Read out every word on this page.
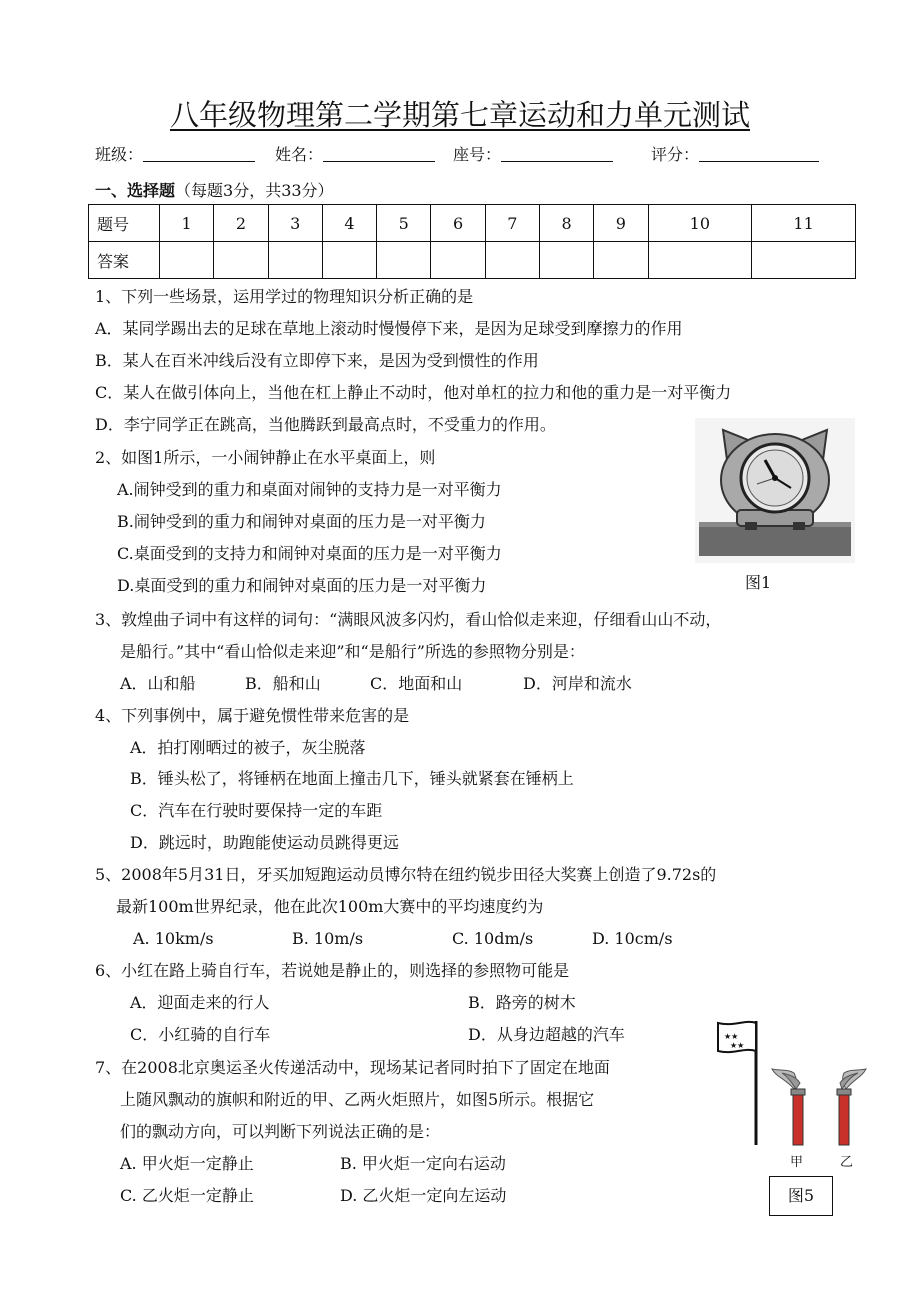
八年级物理第二学期第七章运动和力单元测试
班级：	姓名：	座号：	评分：
一、选择题（每题3分，共33分）
题号	1	2	3	4	5	6	7	8	9	10	11
答案											
1、下列一些场景，运用学过的物理知识分析正确的是
A．某同学踢出去的足球在草地上滚动时慢慢停下来，是因为足球受到摩擦力的作用
B．某人在百米冲线后没有立即停下来，是因为受到惯性的作用
C．某人在做引体向上，当他在杠上静止不动时，他对单杠的拉力和他的重力是一对平衡力
D．李宁同学正在跳高，当他腾跃到最高点时，不受重力的作用。
2、如图1所示，一小闹钟静止在水平桌面上，则
A.闹钟受到的重力和桌面对闹钟的支持力是一对平衡力
B.闹钟受到的重力和闹钟对桌面的压力是一对平衡力
C.桌面受到的支持力和闹钟对桌面的压力是一对平衡力
D.桌面受到的重力和闹钟对桌面的压力是一对平衡力	图1
3、敦煌曲子词中有这样的词句：“满眼风波多闪灼，看山恰似走来迎，仔细看山山不动，
是船行。”其中“看山恰似走来迎”和“是船行”所选的参照物分别是：
A．山和船	B．船和山	C．地面和山	D．河岸和流水
4、下列事例中，属于避免惯性带来危害的是
A．拍打刚晒过的被子，灰尘脱落
B．锤头松了，将锤柄在地面上撞击几下，锤头就紧套在锤柄上
C．汽车在行驶时要保持一定的车距
D．跳远时，助跑能使运动员跳得更远
5、2008年5月31日，牙买加短跑运动员博尔特在纽约锐步田径大奖赛上创造了9.72s的
最新100m世界纪录，他在此次100m大赛中的平均速度约为
A. 10km/s	B. 10m/s	C. 10dm/s	D. 10cm/s
6、小红在路上骑自行车，若说她是静止的，则选择的参照物可能是
A．迎面走来的行人	B．路旁的树木
C．小红骑的自行车	D．从身边超越的汽车
7、在2008北京奥运圣火传递活动中，现场某记者同时拍下了固定在地面
上随风飘动的旗帜和附近的甲、乙两火炬照片，如图5所示。根据它
们的飘动方向，可以判断下列说法正确的是：
A. 甲火炬一定静止	B. 甲火炬一定向右运动
C. 乙火炬一定静止	D. 乙火炬一定向左运动
★★
★★
甲	乙
图5
